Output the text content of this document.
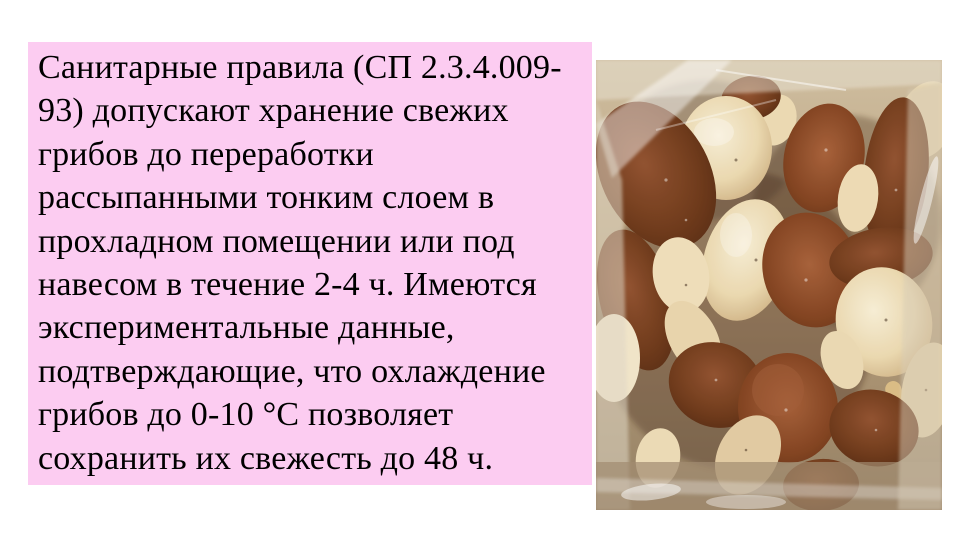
Санитарные правила (СП 2.3.4.009-
93) допускают хранение свежих
грибов до переработки
рассыпанными тонким слоем в
прохладном помещении или под
навесом в течение 2-4 ч. Имеются
экспериментальные данные,
подтверждающие, что охлаждение
грибов до 0-10 °С позволяет
сохранить их свежесть до 48 ч.
